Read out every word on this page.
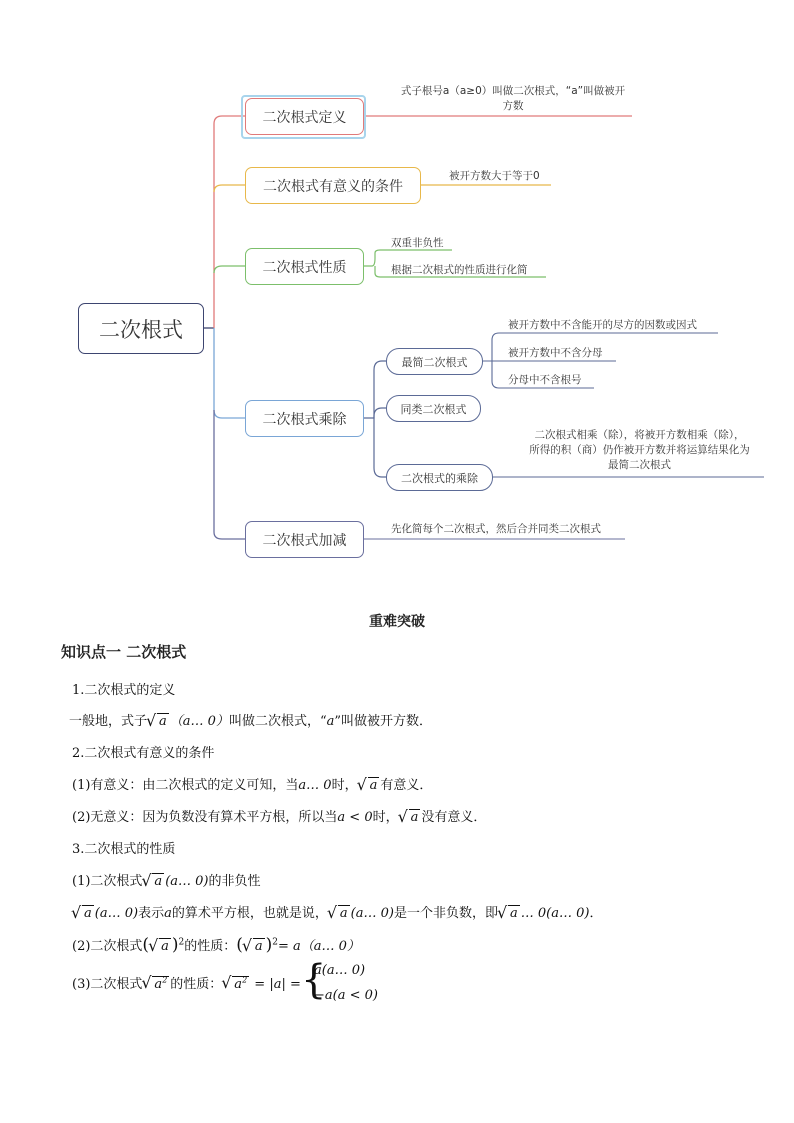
二次根式
二次根式定义
式子根号a（a≥0）叫做二次根式，“a”叫做被开
方数
二次根式有意义的条件
被开方数大于等于0
二次根式性质
双重非负性
根据二次根式的性质进行化简
二次根式乘除
最简二次根式
被开方数中不含能开的尽方的因数或因式
被开方数中不含分母
分母中不含根号
同类二次根式
二次根式的乘除
二次根式相乘（除），将被开方数相乘（除），
所得的积（商）仍作被开方数并将运算结果化为
最简二次根式
二次根式加减
先化简每个二次根式，然后合并同类二次根式
重难突破
知识点一 二次根式
1.二次根式的定义
一般地，式子 √ a （a… 0）叫做二次根式，“a”叫做被开方数．
2.二次根式有意义的条件
(1)有意义：由二次根式的定义可知，当a… 0时， √ a 有意义．
(2)无意义：因为负数没有算术平方根，所以当a < 0时， √ a 没有意义．
3.二次根式的性质
(1)二次根式 √ a (a… 0)的非负性
√ a (a… 0)表示a的算术平方根，也就是说， √ a (a… 0)是一个非负数，即 √ a … 0(a… 0)．
(2)二次根式( √ a )$^2$的性质：( √ a )$^2$= a（a… 0）
(3)二次根式 √ $a^2$ 的性质： √ $a^2 = |a|$ = {
a(a… 0)
−a(a < 0)
